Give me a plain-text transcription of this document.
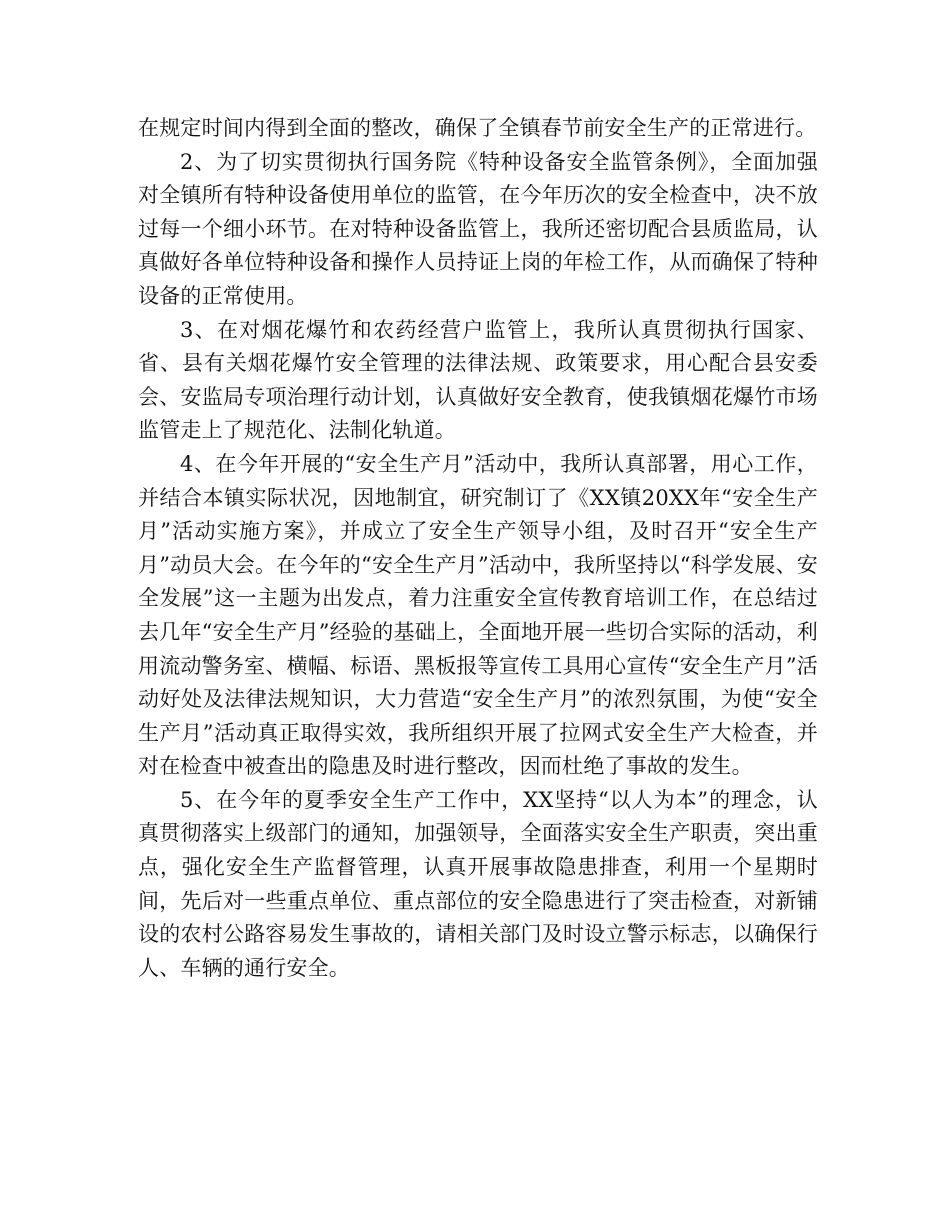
在规定时间内得到全面的整改，确保了全镇春节前安全生产的正常进行。

2、为了切实贯彻执行国务院《特种设备安全监管条例》，全面加强对全镇所有特种设备使用单位的监管，在今年历次的安全检查中，决不放过每一个细小环节。在对特种设备监管上，我所还密切配合县质监局，认真做好各单位特种设备和操作人员持证上岗的年检工作，从而确保了特种设备的正常使用。

3、在对烟花爆竹和农药经营户监管上，我所认真贯彻执行国家、省、县有关烟花爆竹安全管理的法律法规、政策要求，用心配合县安委会、安监局专项治理行动计划，认真做好安全教育，使我镇烟花爆竹市场监管走上了规范化、法制化轨道。

4、在今年开展的“安全生产月”活动中，我所认真部署，用心工作，并结合本镇实际状况，因地制宜，研究制订了《XX镇20XX年“安全生产月”活动实施方案》，并成立了安全生产领导小组，及时召开“安全生产月”动员大会。在今年的“安全生产月”活动中，我所坚持以“科学发展、安全发展”这一主题为出发点，着力注重安全宣传教育培训工作，在总结过去几年“安全生产月”经验的基础上，全面地开展一些切合实际的活动，利用流动警务室、横幅、标语、黑板报等宣传工具用心宣传“安全生产月”活动好处及法律法规知识，大力营造“安全生产月”的浓烈氛围，为使“安全生产月”活动真正取得实效，我所组织开展了拉网式安全生产大检查，并对在检查中被查出的隐患及时进行整改，因而杜绝了事故的发生。

5、在今年的夏季安全生产工作中，XX坚持“以人为本”的理念，认真贯彻落实上级部门的通知，加强领导，全面落实安全生产职责，突出重点，强化安全生产监督管理，认真开展事故隐患排查，利用一个星期时间，先后对一些重点单位、重点部位的安全隐患进行了突击检查，对新铺设的农村公路容易发生事故的，请相关部门及时设立警示标志，以确保行人、车辆的通行安全。
